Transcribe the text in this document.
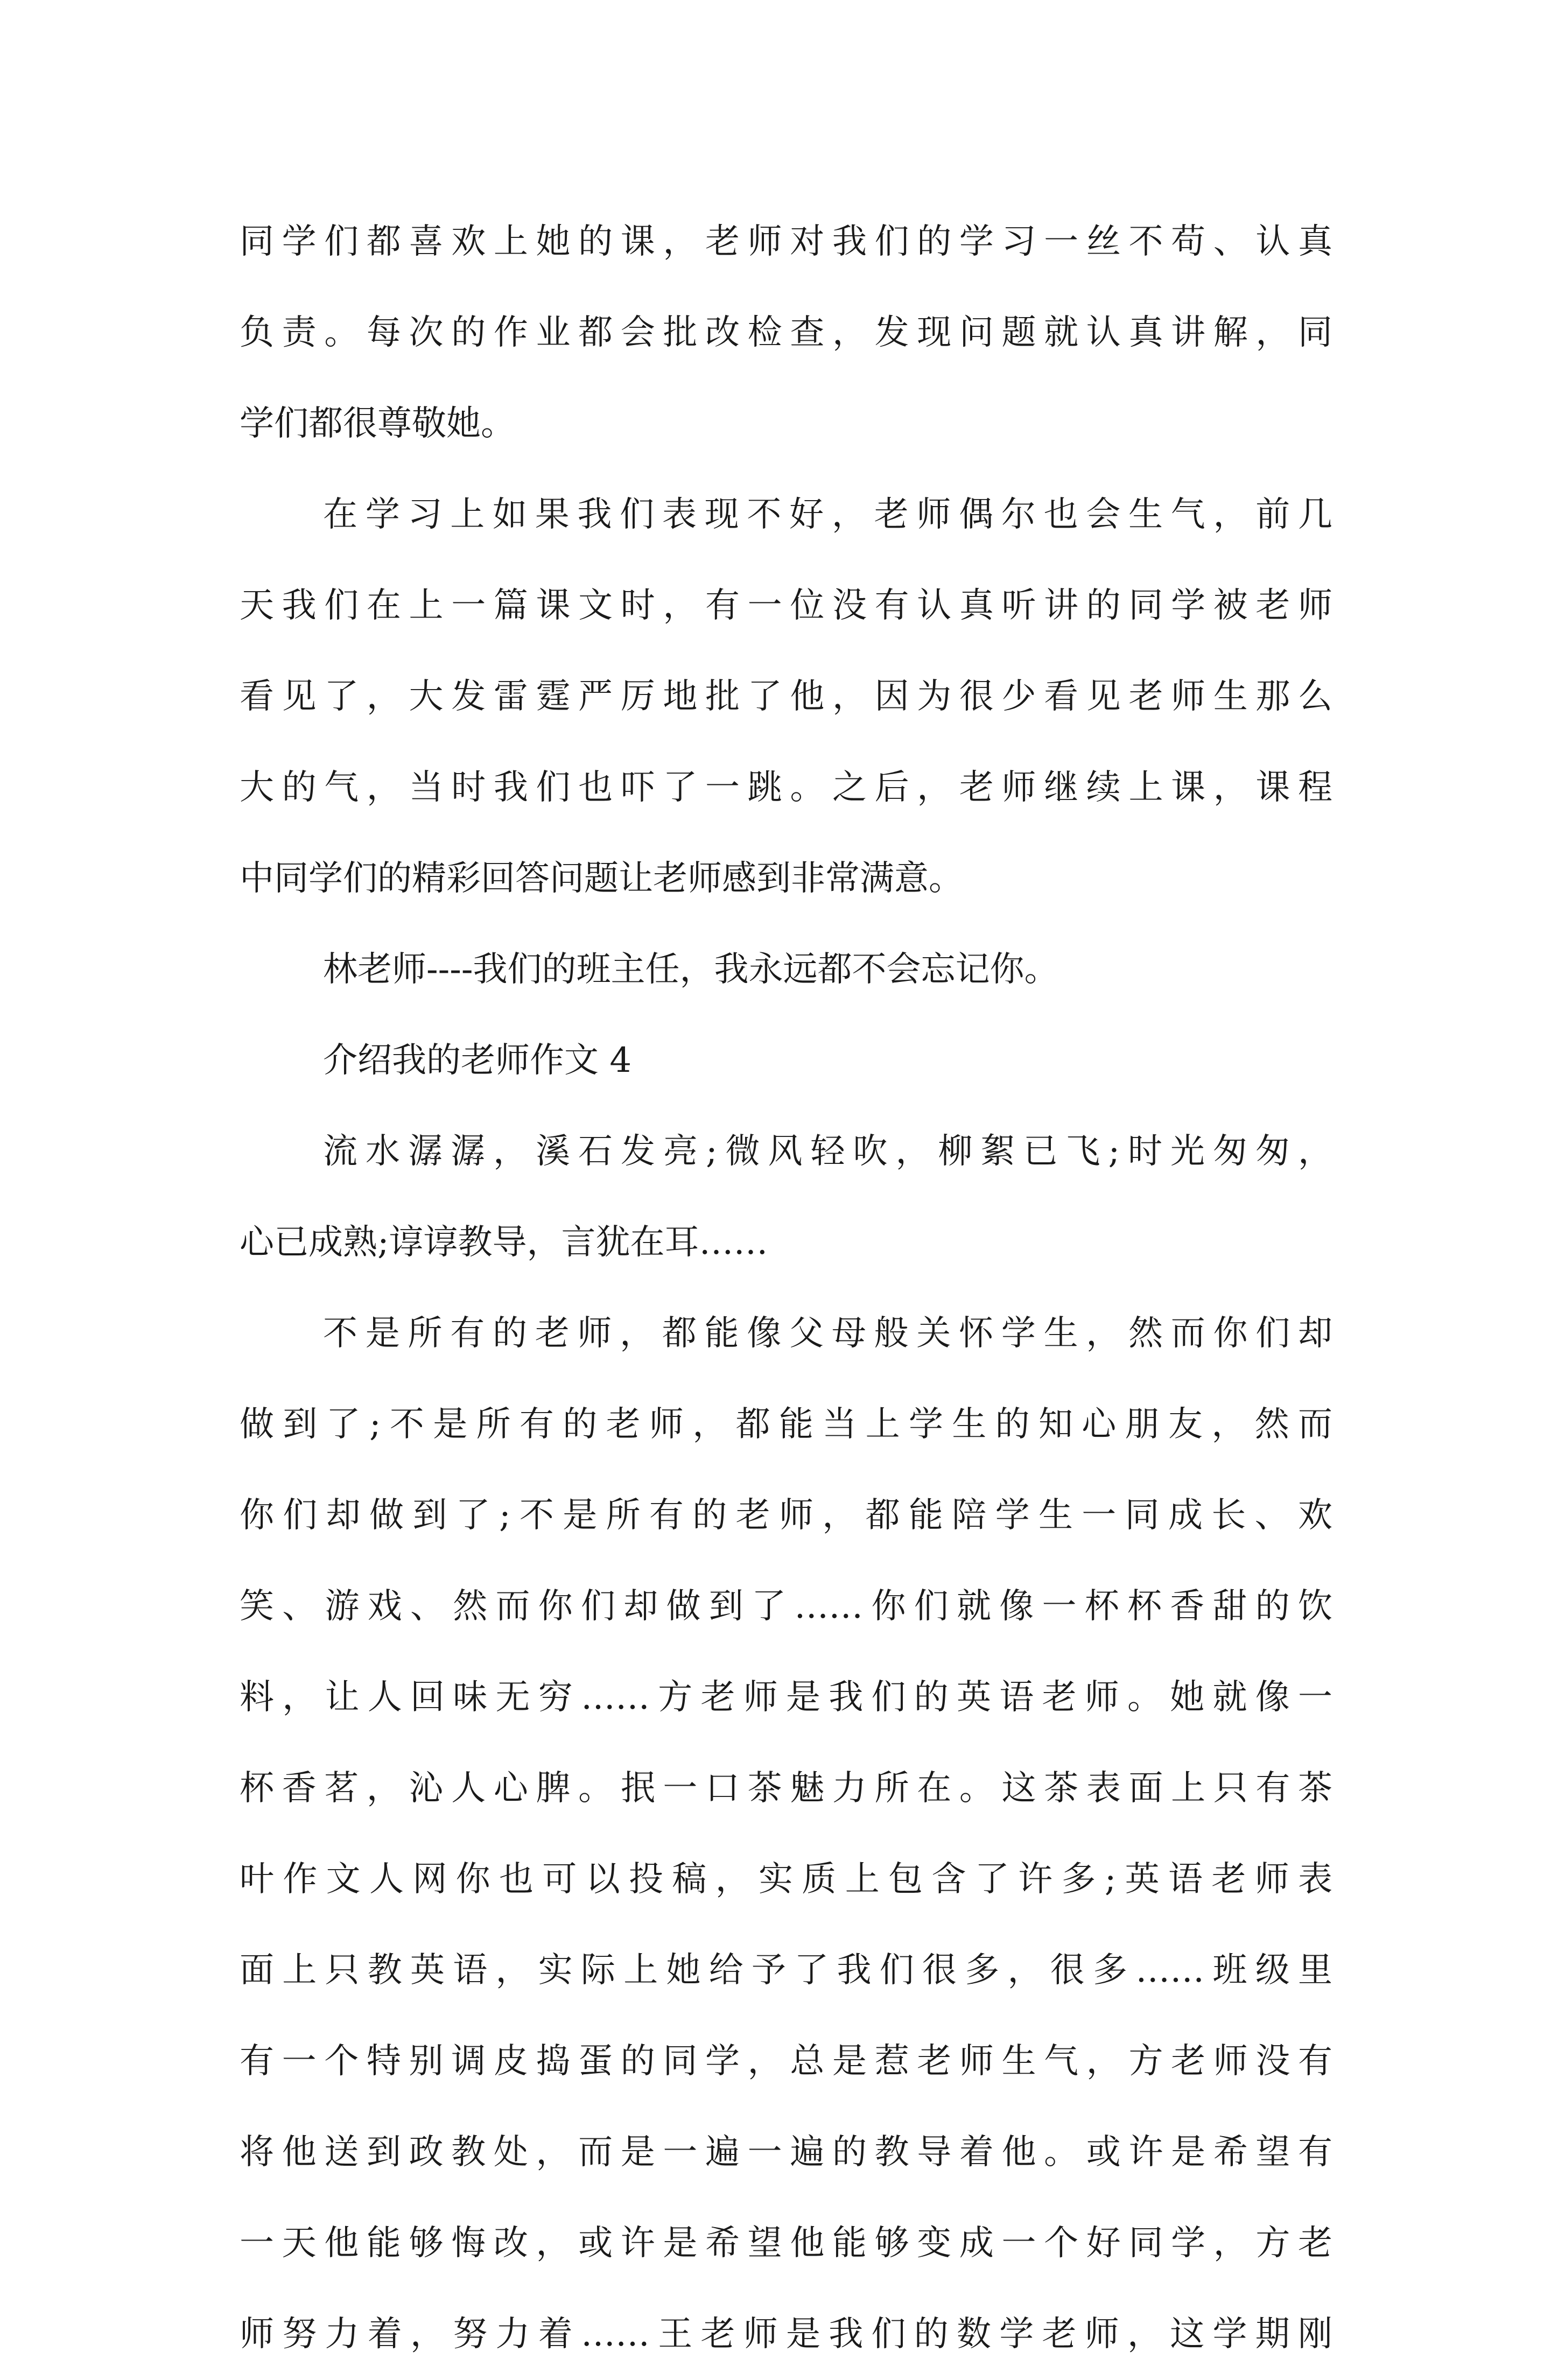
同学们都喜欢上她的课，老师对我们的学习一丝不苟、认真
负责。每次的作业都会批改检查，发现问题就认真讲解，同
学们都很尊敬她。
在学习上如果我们表现不好，老师偶尔也会生气，前几
天我们在上一篇课文时，有一位没有认真听讲的同学被老师
看见了，大发雷霆严厉地批了他，因为很少看见老师生那么
大的气，当时我们也吓了一跳。之后，老师继续上课，课程
中同学们的精彩回答问题让老师感到非常满意。
林老师----我们的班主任，我永远都不会忘记你。
介绍我的老师作文 4
流水潺潺，溪石发亮;微风轻吹，柳絮已飞;时光匆匆，
心已成熟;谆谆教导，言犹在耳……
不是所有的老师，都能像父母般关怀学生，然而你们却
做到了;不是所有的老师，都能当上学生的知心朋友，然而
你们却做到了;不是所有的老师，都能陪学生一同成长、欢
笑、游戏、然而你们却做到了……你们就像一杯杯香甜的饮
料，让人回味无穷……方老师是我们的英语老师。她就像一
杯香茗，沁人心脾。抿一口茶魅力所在。这茶表面上只有茶
叶作文人网你也可以投稿，实质上包含了许多;英语老师表
面上只教英语，实际上她给予了我们很多，很多……班级里
有一个特别调皮捣蛋的同学，总是惹老师生气，方老师没有
将他送到政教处，而是一遍一遍的教导着他。或许是希望有
一天他能够悔改，或许是希望他能够变成一个好同学，方老
师努力着，努力着……王老师是我们的数学老师，这学期刚
